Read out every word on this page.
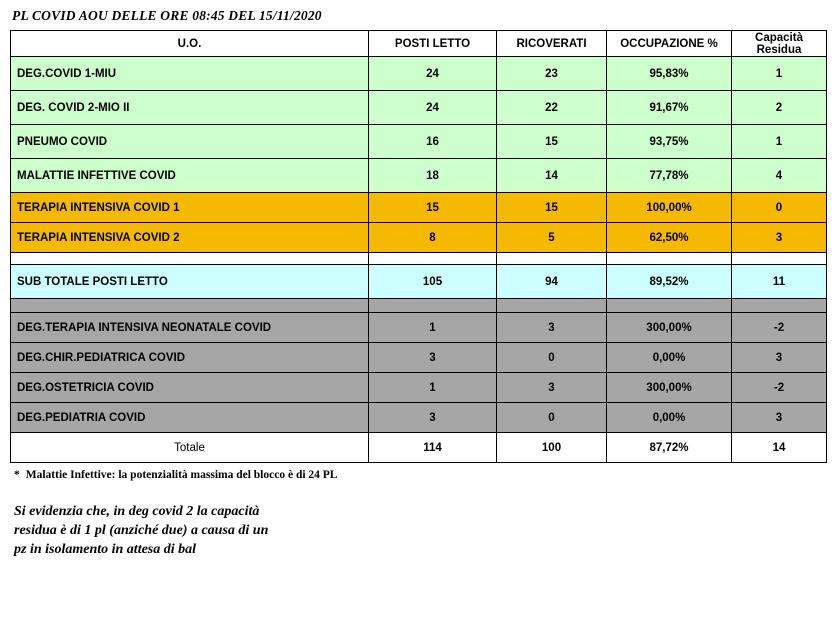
PL COVID AOU DELLE ORE 08:45 DEL 15/11/2020
U.O.	POSTI LETTO	RICOVERATI	OCCUPAZIONE %	Capacità
Residua

DEG.COVID 1-MIU	24	23	95,83%	1
DEG. COVID 2-MIO II	24	22	91,67%	2
PNEUMO COVID	16	15	93,75%	1
MALATTIE INFETTIVE COVID	18	14	77,78%	4
TERAPIA INTENSIVA COVID 1	15	15	100,00%	0
TERAPIA INTENSIVA COVID 2	8	5	62,50%	3

SUB TOTALE POSTI LETTO	105	94	89,52%	11

DEG.TERAPIA INTENSIVA NEONATALE COVID	1	3	300,00%	-2
DEG.CHIR.PEDIATRICA COVID	3	0	0,00%	3
DEG.OSTETRICIA COVID	1	3	300,00%	-2
DEG.PEDIATRIA COVID	3	0	0,00%	3
Totale	114	100	87,72%	14
* Malattie Infettive: la potenzialità massima del blocco è di 24 PL
Si evidenzia che, in deg covid 2 la capacità
residua è di 1 pl (anziché due) a causa di un
pz in isolamento in attesa di bal
